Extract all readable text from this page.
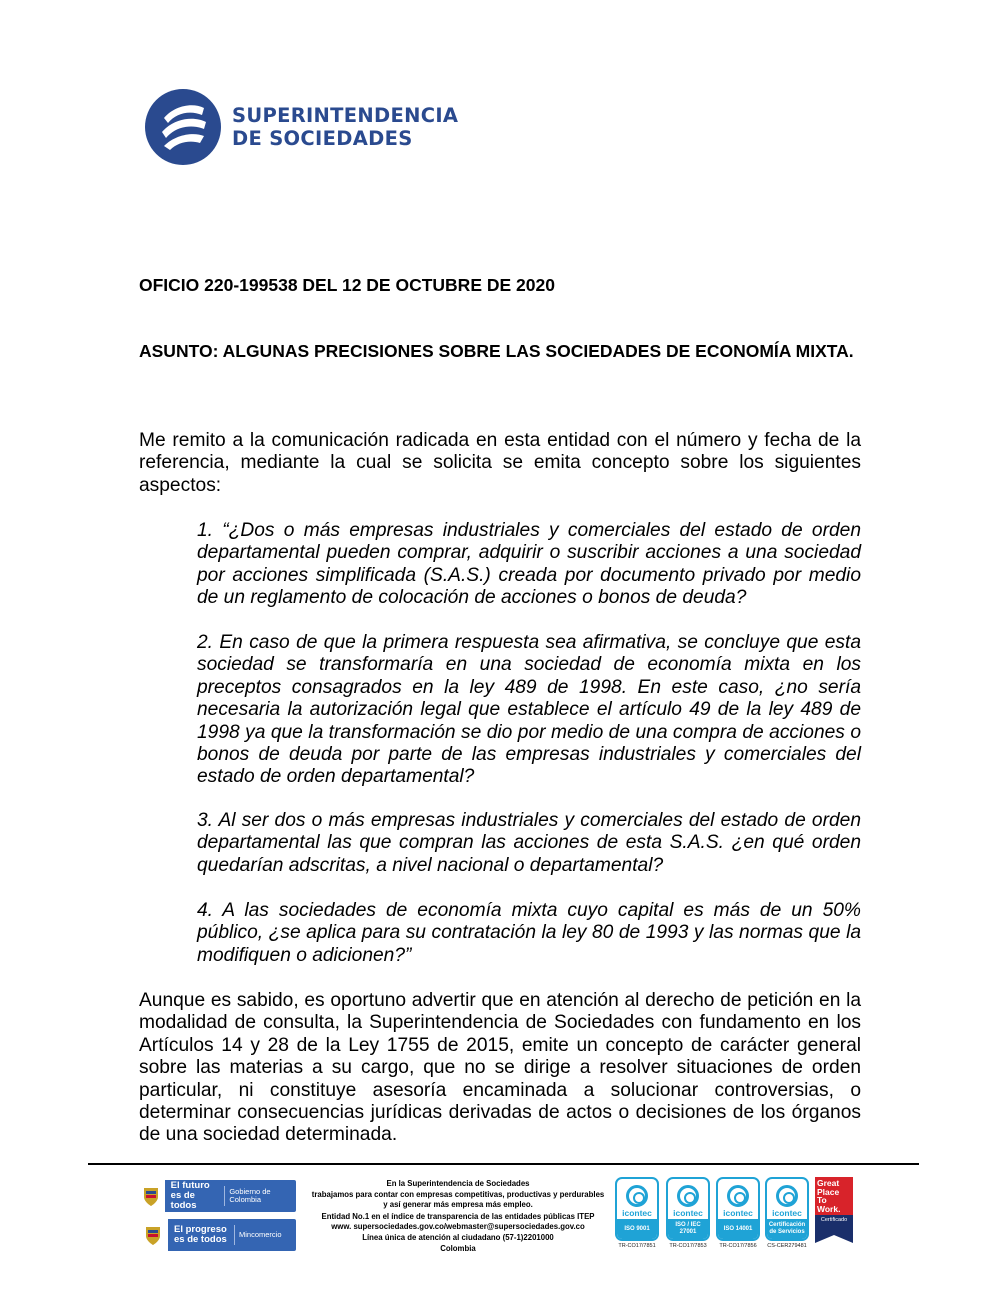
SUPERINTENDENCIA
DE SOCIEDADES
OFICIO 220-199538 DEL 12 DE OCTUBRE DE 2020
ASUNTO: ALGUNAS PRECISIONES SOBRE LAS SOCIEDADES DE ECONOMÍA MIXTA.
Me remito a la comunicación radicada en esta entidad con el número y fecha de la referencia, mediante la cual se solicita se emita concepto sobre los siguientes aspectos:
1. “¿Dos o más empresas industriales y comerciales del estado de orden departamental pueden comprar, adquirir o suscribir acciones a una sociedad por acciones simplificada (S.A.S.) creada por documento privado por medio de un reglamento de colocación de acciones o bonos de deuda?
2. En caso de que la primera respuesta sea afirmativa, se concluye que esta sociedad se transformaría en una sociedad de economía mixta en los preceptos consagrados en la ley 489 de 1998. En este caso, ¿no sería necesaria la autorización legal que establece el artículo 49 de la ley 489 de 1998 ya que la transformación se dio por medio de una compra de acciones o bonos de deuda por parte de las empresas industriales y comerciales del estado de orden departamental?
3. Al ser dos o más empresas industriales y comerciales del estado de orden departamental las que compran las acciones de esta S.A.S. ¿en qué orden quedarían adscritas, a nivel nacional o departamental?
4. A las sociedades de economía mixta cuyo capital es más de un 50% público, ¿se aplica para su contratación la ley 80 de 1993 y las normas que la modifiquen o adicionen?”
Aunque es sabido, es oportuno advertir que en atención al derecho de petición en la modalidad de consulta, la Superintendencia de Sociedades con fundamento en los Artículos 14 y 28 de la Ley 1755 de 2015, emite un concepto de carácter general sobre las materias a su cargo, que no se dirige a resolver situaciones de orden particular, ni constituye asesoría encaminada a solucionar controversias, o determinar consecuencias jurídicas derivadas de actos o decisiones de los órganos de una sociedad determinada.
El futuro es de todos
Gobierno de Colombia
El progreso es de todos	Mincomercio
En la Superintendencia de Sociedades
trabajamos para contar con empresas competitivas, productivas y perdurables
y así generar más empresa más empleo.
Entidad No.1 en el índice de transparencia de las entidades públicas ITEP
www. supersociedades.gov.co/webmaster@supersociedades.gov.co
Línea única de atención al ciudadano (57-1)2201000
Colombia
icontec
ISO 9001
TR-CO17/7851
icontec
ISO / IEC 27001
TR-CO17/7853
icontec
ISO 14001
TR-CO17/7856
icontec
Certificación de Servicios
CS-CER279481
Great Place To Work.
Certificado
